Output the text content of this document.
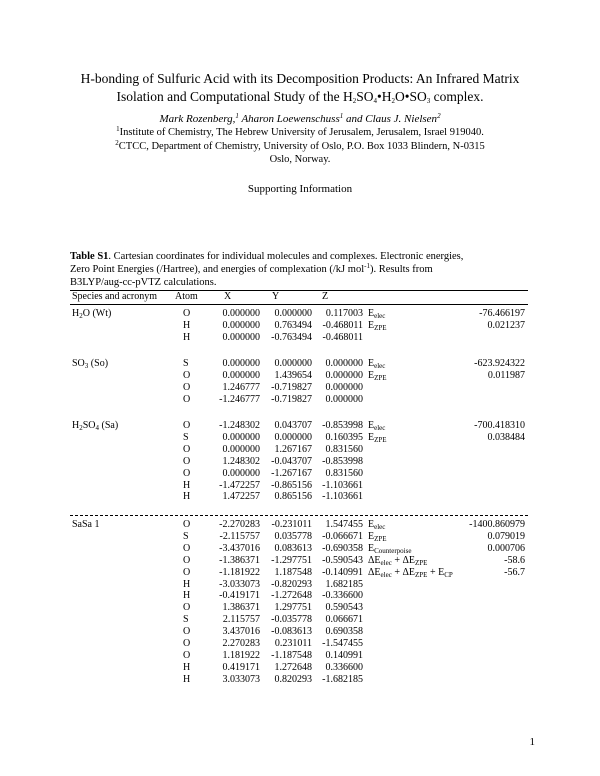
H-bonding of Sulfuric Acid with its Decomposition Products: An Infrared Matrix
Isolation and Computational Study of the $H_2SO_4•H_2O•SO_3$ complex.
Mark Rozenberg,$^1$ Aharon Loewenschuss$^1$ and Claus J. Nielsen$^2$
$^1$Institute of Chemistry, The Hebrew University of Jerusalem, Jerusalem, Israel 919040.
$^2$CTCC, Department of Chemistry, University of Oslo, P.O. Box 1033 Blindern, N-0315
Oslo, Norway.
Supporting Information
Table S1. Cartesian coordinates for individual molecules and complexes. Electronic energies,
Zero Point Energies (/Hartree), and energies of complexation (/kJ mol$^{-1}$). Results from
B3LYP/aug-cc-pVTZ calculations.
Species and acronym Atom	X	Y	Z
$H_2O$ (Wt)	O	0.000000	0.000000	0.117003
H	0.000000	0.763494	-0.468011
H	0.000000	-0.763494	-0.468011
$E_{elec}$	-76.466197
$E_{ZPE}$	0.021237
$SO_3$ (So)	S	0.000000	0.000000	0.000000
O	0.000000	1.439654	0.000000
O	1.246777	-0.719827	0.000000
O	-1.246777	-0.719827	0.000000
$E_{elec}$	-623.924322
$E_{ZPE}$	0.011987
$H_2SO_4$ (Sa)	O	-1.248302	0.043707	-0.853998
S	0.000000	0.000000	0.160395
O	0.000000	1.267167	0.831560
O	1.248302	-0.043707	-0.853998
O	0.000000	-1.267167	0.831560
H	-1.472257	-0.865156	-1.103661
H	1.472257	0.865156	-1.103661
$E_{elec}$	-700.418310
$E_{ZPE}$	0.038484
SaSa 1	O	-2.270283	-0.231011	1.547455
S	-2.115757	0.035778	-0.066671
O	-3.437016	0.083613	-0.690358
O	-1.386371	-1.297751	-0.590543
O	-1.181922	1.187548	-0.140991
H	-3.033073	-0.820293	1.682185
H	-0.419171	-1.272648	-0.336600
O	1.386371	1.297751	0.590543
S	2.115757	-0.035778	0.066671
O	3.437016	-0.083613	0.690358
O	2.270283	0.231011	-1.547455
O	1.181922	-1.187548	0.140991
H	0.419171	1.272648	0.336600
H	3.033073	0.820293	-1.682185
$E_{elec}$	-1400.860979
$E_{ZPE}$	0.079019
$E_{Counterpoise}$	0.000706
$\Delta E_{elec} + \Delta E_{ZPE}$	-58.6
$\Delta E_{elec} + \Delta E_{ZPE} + E_{CP}$	-56.7
1
